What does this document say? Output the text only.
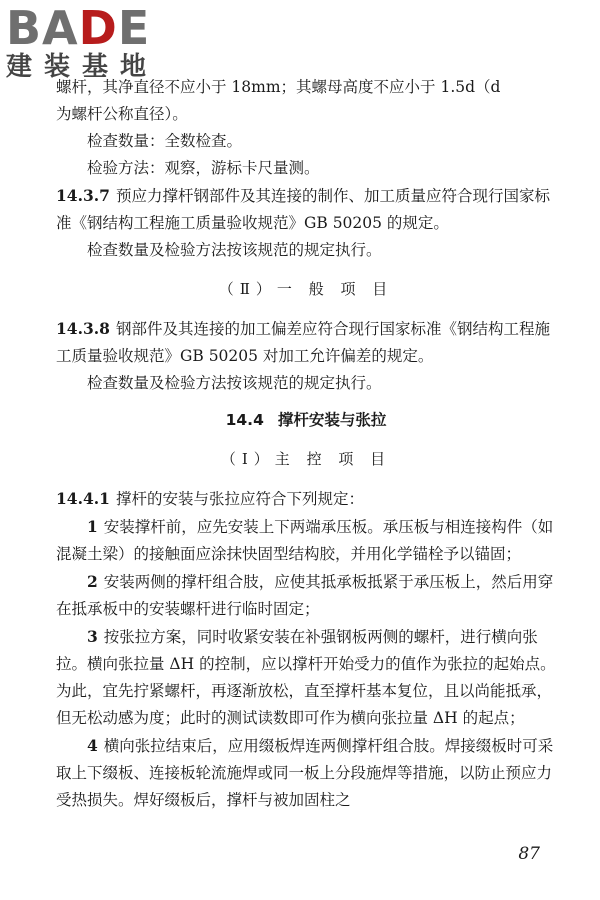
BADE
建装基地

螺杆，其净直径不应小于 18mm；其螺母高度不应小于 1.5d（d

为螺杆公称直径）。

检查数量：全数检查。

检验方法：观察，游标卡尺量测。

14.3.7 预应力撑杆钢部件及其连接的制作、加工质量应符合现行国家标准《钢结构工程施工质量验收规范》GB 50205 的规定。

检查数量及检验方法按该规范的规定执行。

（Ⅱ）一 般 项 目

14.3.8 钢部件及其连接的加工偏差应符合现行国家标准《钢结构工程施工质量验收规范》GB 50205 对加工允许偏差的规定。

检查数量及检验方法按该规范的规定执行。

14.4 撑杆安装与张拉

（Ⅰ）主 控 项 目

14.4.1 撑杆的安装与张拉应符合下列规定：

1 安装撑杆前，应先安装上下两端承压板。承压板与相连接构件（如混凝土梁）的接触面应涂抹快固型结构胶，并用化学锚栓予以锚固；

2 安装两侧的撑杆组合肢，应使其抵承板抵紧于承压板上，然后用穿在抵承板中的安装螺杆进行临时固定；

3 按张拉方案，同时收紧安装在补强钢板两侧的螺杆，进行横向张拉。横向张拉量 ΔH 的控制，应以撑杆开始受力的值作为张拉的起始点。为此，宜先拧紧螺杆，再逐渐放松，直至撑杆基本复位，且以尚能抵承，但无松动感为度；此时的测试读数即可作为横向张拉量 ΔH 的起点；

4 横向张拉结束后，应用缀板焊连两侧撑杆组合肢。焊接缀板时可采取上下缀板、连接板轮流施焊或同一板上分段施焊等措施，以防止预应力受热损失。焊好缀板后，撑杆与被加固柱之

87
